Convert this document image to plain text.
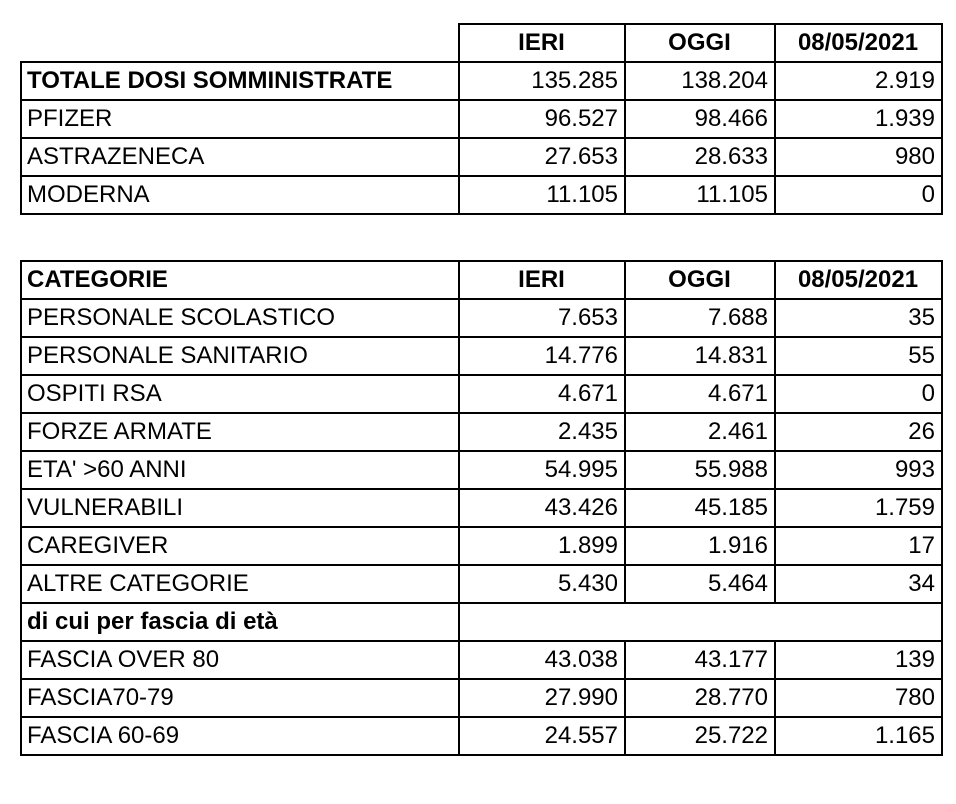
	IERI	OGGI	08/05/2021
TOTALE DOSI SOMMINISTRATE	135.285	138.204	2.919
PFIZER	96.527	98.466	1.939
ASTRAZENECA	27.653	28.633	980
MODERNA	11.105	11.105	0
CATEGORIE	IERI	OGGI	08/05/2021
PERSONALE SCOLASTICO	7.653	7.688	35
PERSONALE SANITARIO	14.776	14.831	55
OSPITI RSA	4.671	4.671	0
FORZE ARMATE	2.435	2.461	26
ETA' >60 ANNI	54.995	55.988	993
VULNERABILI	43.426	45.185	1.759
CAREGIVER	1.899	1.916	17
ALTRE CATEGORIE	5.430	5.464	34
di cui per fascia di età			
FASCIA OVER 80	43.038	43.177	139
FASCIA70-79	27.990	28.770	780
FASCIA 60-69	24.557	25.722	1.165
